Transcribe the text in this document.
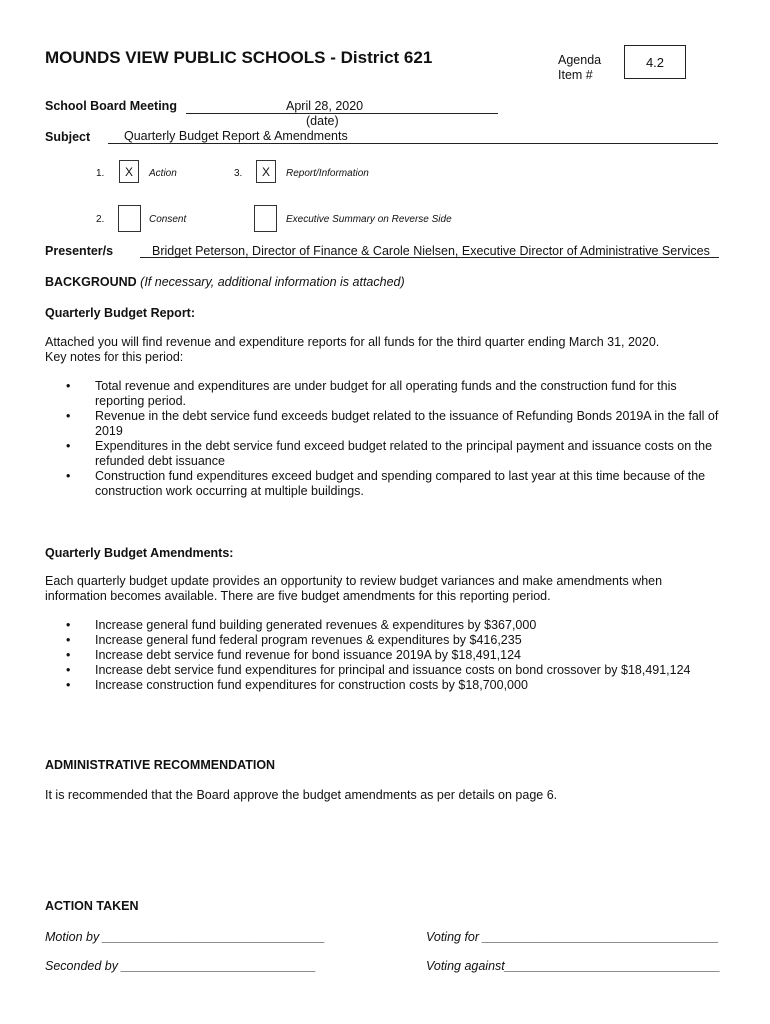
MOUNDS VIEW PUBLIC SCHOOLS - District 621	Agenda Item #
4.2
School Board Meeting	April 28, 2020
(date)
Subject	Quarterly Budget Report & Amendments
1. X Action	3. X Report/Information
2.	Consent	Executive Summary on Reverse Side
Presenter/s	Bridget Peterson, Director of Finance & Carole Nielsen, Executive Director of Administrative Services
BACKGROUND (If necessary, additional information is attached)
Quarterly Budget Report:
Attached you will find revenue and expenditure reports for all funds for the third quarter ending March 31, 2020.
Key notes for this period:
• Total revenue and expenditures are under budget for all operating funds and the construction fund for this reporting period.
• Revenue in the debt service fund exceeds budget related to the issuance of Refunding Bonds 2019A in the fall of 2019
• Expenditures in the debt service fund exceed budget related to the principal payment and issuance costs on the refunded debt issuance
• Construction fund expenditures exceed budget and spending compared to last year at this time because of the construction work occurring at multiple buildings.
Quarterly Budget Amendments:
Each quarterly budget update provides an opportunity to review budget variances and make amendments when information becomes available. There are five budget amendments for this reporting period.
• Increase general fund building generated revenues & expenditures by $367,000
• Increase general fund federal program revenues & expenditures by $416,235
• Increase debt service fund revenue for bond issuance 2019A by $18,491,124
• Increase debt service fund expenditures for principal and issuance costs on bond crossover by $18,491,124
• Increase construction fund expenditures for construction costs by $18,700,000
ADMINISTRATIVE RECOMMENDATION
It is recommended that the Board approve the budget amendments as per details on page 6.
ACTION TAKEN
Motion by ________________________________	Voting for __________________________________
Seconded by ____________________________	Voting against_______________________________
